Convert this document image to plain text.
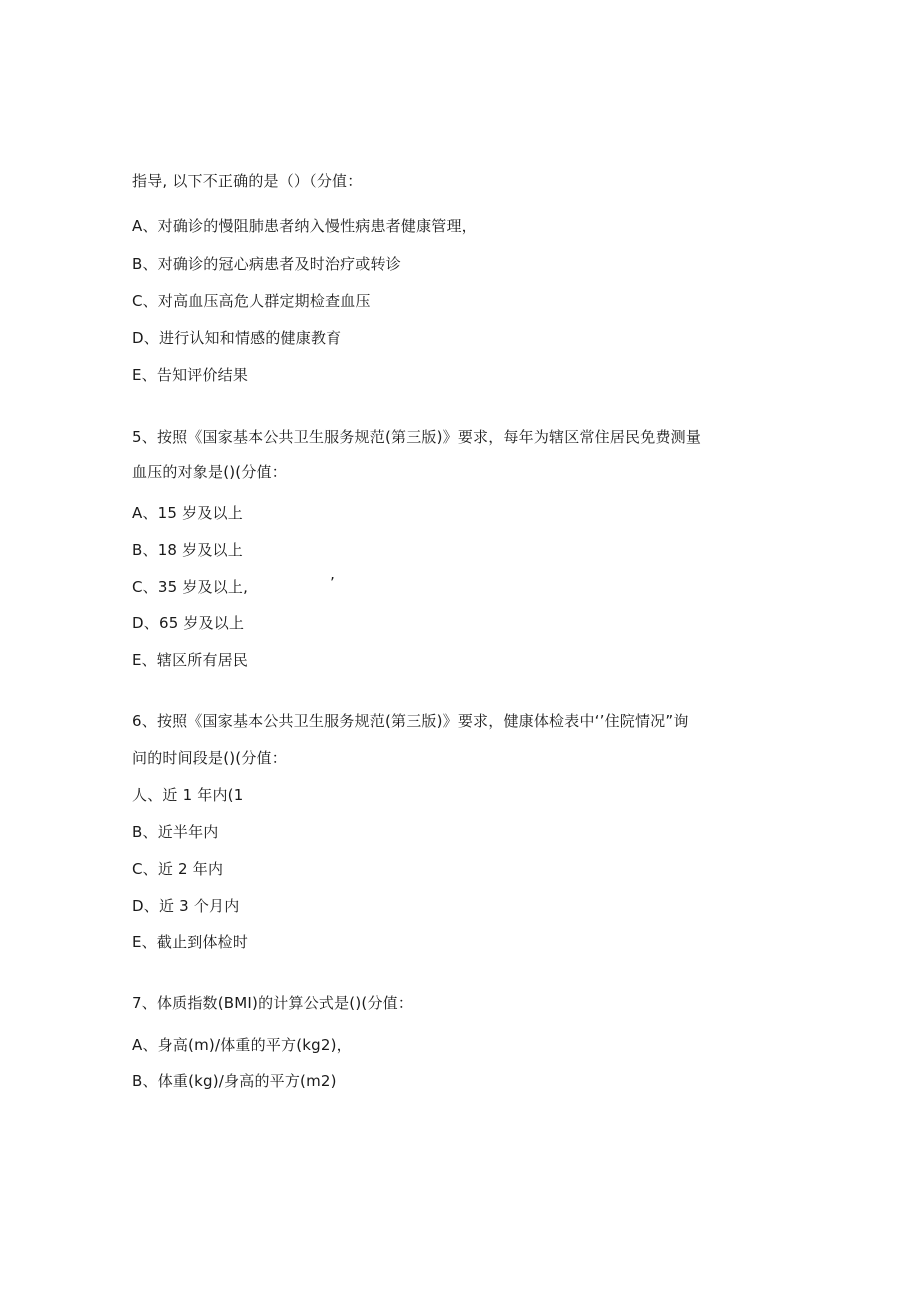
指导, 以下不正确的是（）（分值：
A、对确诊的慢阻肺患者纳入慢性病患者健康管理，
B、对确诊的冠心病患者及时治疗或转诊
C、对高血压高危人群定期检查血压
D、进行认知和情感的健康教育
E、告知评价结果
5、按照《国家基本公共卫生服务规范(第三版)》要求，每年为辖区常住居民免费测量
血压的对象是()(分值：
A、15 岁及以上
B、18 岁及以上
C、35 岁及以上,	’
D、65 岁及以上
E、辖区所有居民
6、按照《国家基本公共卫生服务规范(第三版)》要求，健康体检表中‘’住院情况”询
问的时间段是()(分值：
人、近 1 年内(1
B、近半年内
C、近 2 年内
D、近 3 个月内
E、截止到体检时
7、体质指数(BMI)的计算公式是()(分值：
A、身高(m)/体重的平方(kg2)，
B、体重(kg)/身高的平方(m2)
